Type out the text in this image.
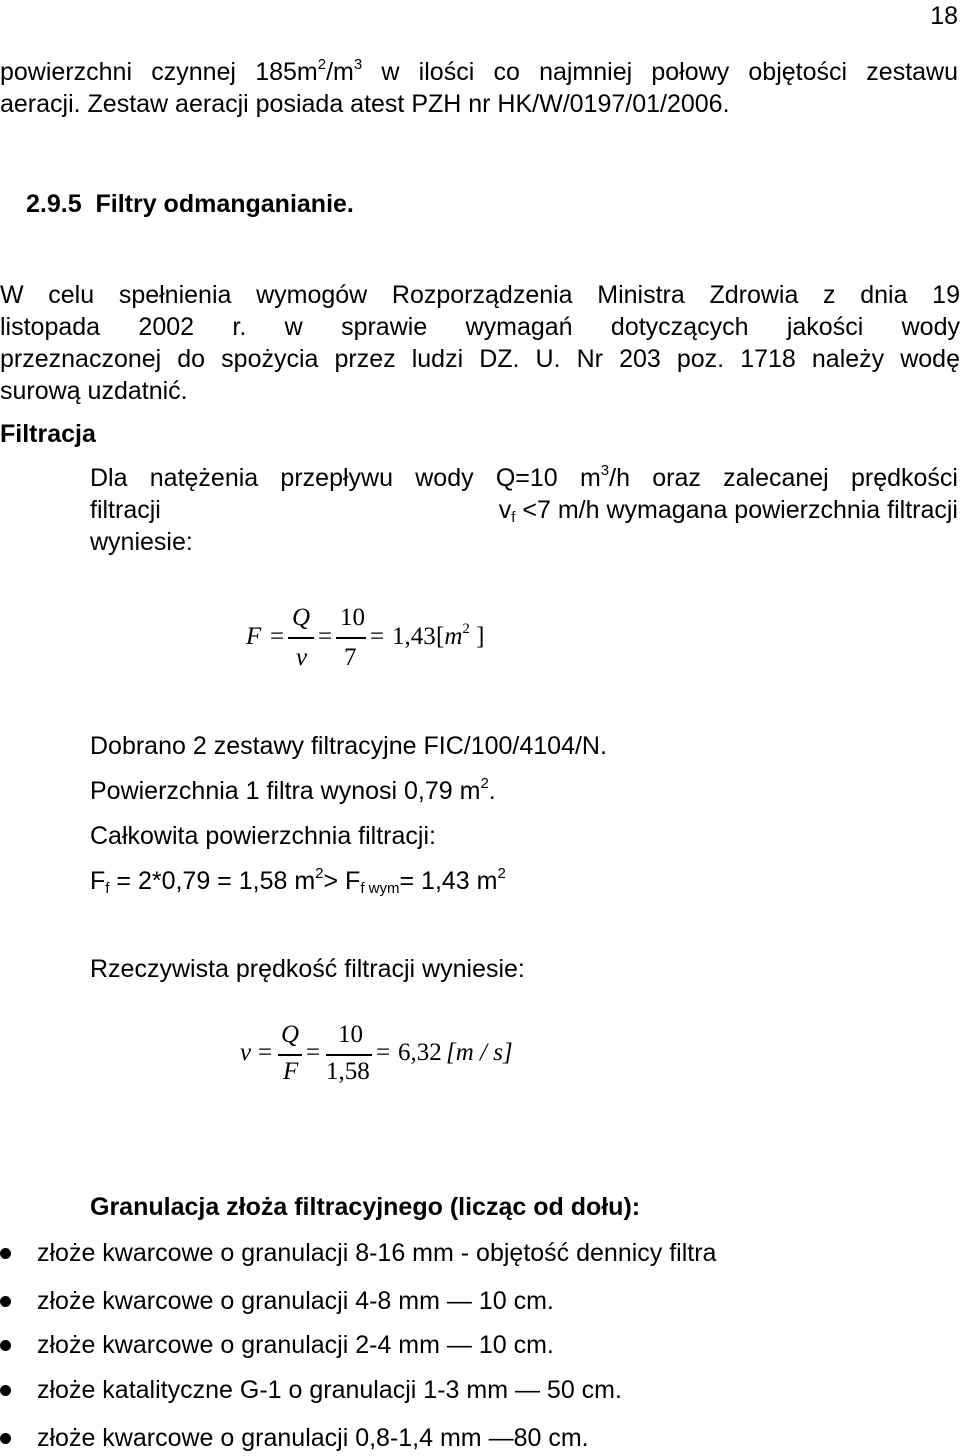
18
powierzchni czynnej $185m^2/m^3$ w ilości co najmniej połowy objętości zestawu
aeracji. Zestaw aeracji posiada atest PZH nr HK/W/0197/01/2006.
2.9.5  Filtry odmanganianie.
W celu spełnienia wymogów Rozporządzenia Ministra Zdrowia z dnia 19
listopada 2002 r. w sprawie wymagań dotyczących jakości wody
przeznaczonej do spożycia przez ludzi DZ. U. Nr 203 poz. 1718 należy wodę
surową uzdatnić.
Filtracja
Dla natężenia przepływu wody Q=10 $m^3/h$ oraz zalecanej prędkości
filtracji	$v_f <7$ m/h wymagana powierzchnia filtracji
wyniesie:
F =
Q
v
=
10
7
= 1,43 [$m^2$ ]
Dobrano 2 zestawy filtracyjne FIC/100/4104/N.
Powierzchnia 1 filtra wynosi 0,79 $m^2$.
Całkowita powierzchnia filtracji:
$F_f = 2*0,79 = 1,58$ $m^2> F_{f wym}= 1,43$ $m^2$
Rzeczywista prędkość filtracji wyniesie:
v =
Q
F
=
10
1,58
= 6,32 [m / s]
Granulacja złoża filtracyjnego (licząc od dołu):
złoże kwarcowe o granulacji 8-16 mm - objętość dennicy filtra
złoże kwarcowe o granulacji 4-8 mm — 10 cm.
złoże kwarcowe o granulacji 2-4 mm — 10 cm.
złoże katalityczne G-1 o granulacji 1-3 mm — 50 cm.
złoże kwarcowe o granulacji 0,8-1,4 mm —80 cm.
